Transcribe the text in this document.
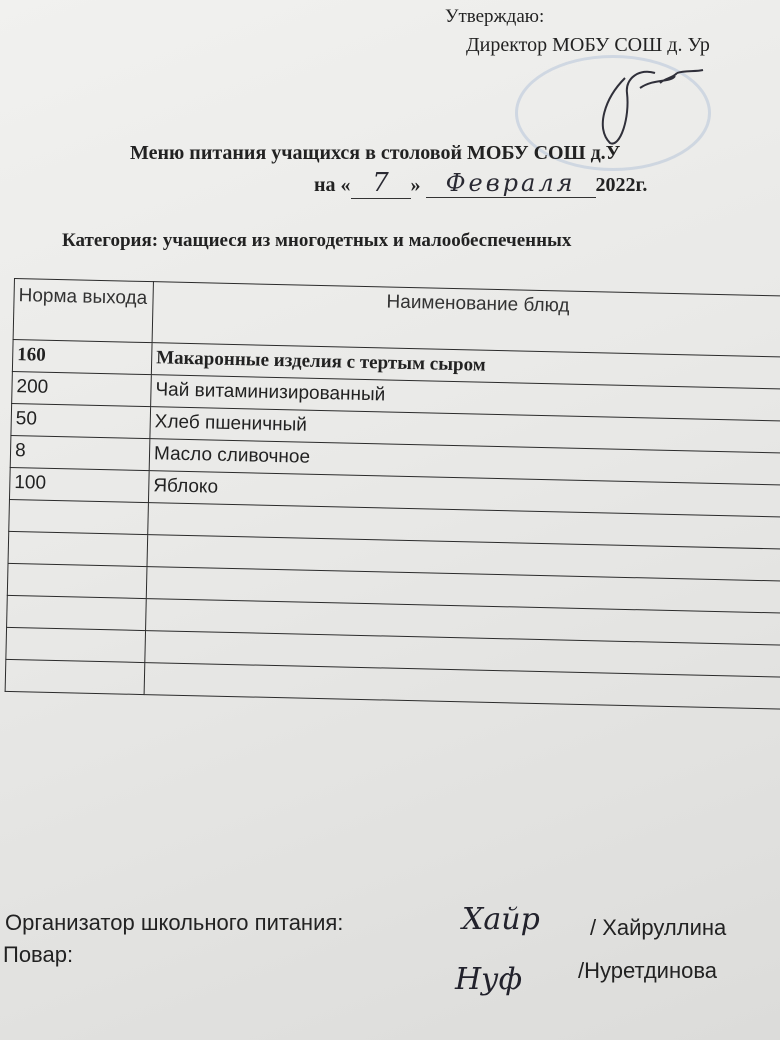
Утверждаю:
Директор МОБУ СОШ д. Ур
Меню питания учащихся в столовой МОБУ СОШ д.У
на « 7 » Февраля 2022г.
Категория: учащиеся из многодетных и малообеспеченных
Норма выхода	Наименование блюд
160	Макаронные изделия с тертым сыром
200	Чай витаминизированный
50	Хлеб пшеничный
8	Масло сливочное
100	Яблоко

Организатор школьного питания:	Хайр / Хайруллина
Повар:
Нуф	/Нуретдинова
